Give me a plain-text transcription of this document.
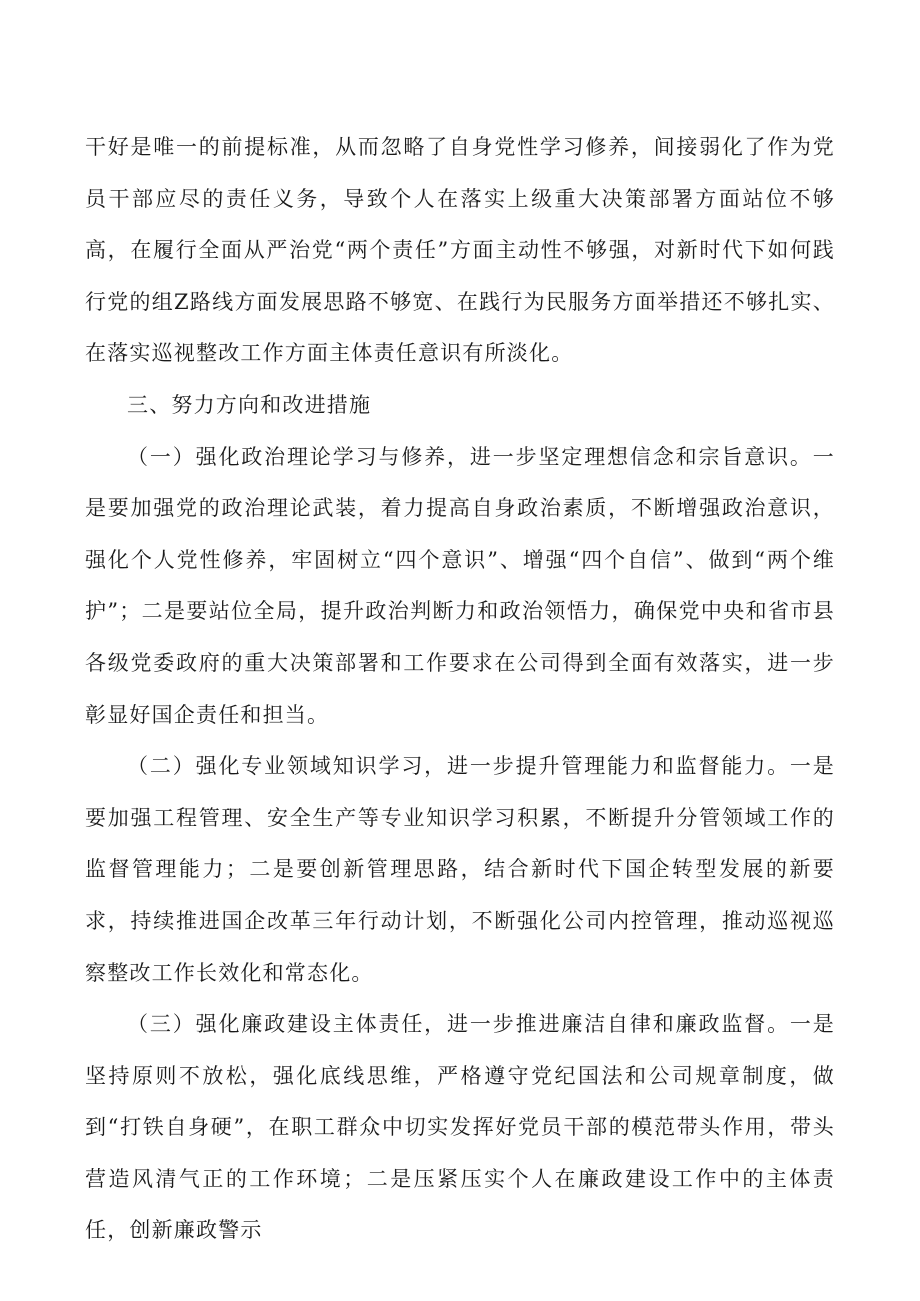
干好是唯一的前提标准，从而忽略了自身党性学习修养，间接弱化了作为党员干部应尽的责任义务，导致个人在落实上级重大决策部署方面站位不够高，在履行全面从严治党“两个责任”方面主动性不够强，对新时代下如何践行党的组Z路线方面发展思路不够宽、在践行为民服务方面举措还不够扎实、在落实巡视整改工作方面主体责任意识有所淡化。

三、努力方向和改进措施

（一）强化政治理论学习与修养，进一步坚定理想信念和宗旨意识。一是要加强党的政治理论武装，着力提高自身政治素质，不断增强政治意识，强化个人党性修养，牢固树立“四个意识”、增强“四个自信”、做到“两个维护”；二是要站位全局，提升政治判断力和政治领悟力，确保党中央和省市县各级党委政府的重大决策部署和工作要求在公司得到全面有效落实，进一步彰显好国企责任和担当。

（二）强化专业领域知识学习，进一步提升管理能力和监督能力。一是要加强工程管理、安全生产等专业知识学习积累，不断提升分管领域工作的监督管理能力；二是要创新管理思路，结合新时代下国企转型发展的新要求，持续推进国企改革三年行动计划，不断强化公司内控管理，推动巡视巡察整改工作长效化和常态化。

（三）强化廉政建设主体责任，进一步推进廉洁自律和廉政监督。一是坚持原则不放松，强化底线思维，严格遵守党纪国法和公司规章制度，做到“打铁自身硬”，在职工群众中切实发挥好党员干部的模范带头作用，带头营造风清气正的工作环境；二是压紧压实个人在廉政建设工作中的主体责任，创新廉政警示
